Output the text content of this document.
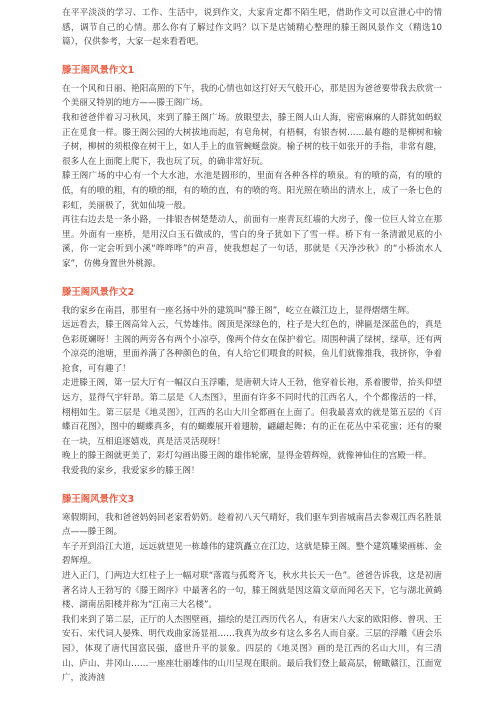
在平平淡淡的学习、工作、生活中，说到作文，大家肯定都不陌生吧，借助作文可以宣泄心中的情感，调节自己的心情。那么你有了解过作文吗？以下是店铺精心整理的滕王阁风景作文（精选10篇），仅供参考，大家一起来看看吧。

滕王阁风景作文1

在一个风和日丽、艳阳高照的下午，我的心情也如这打好天气般开心，那是因为爸爸要带我去欣赏一个美丽又特别的地方——滕王阁广场。

我和爸爸伴着习习秋风，来到了滕王阁广场。放眼望去，滕王阁人山人海，密密麻麻的人群犹如蚂蚁正在觅食一样。滕王阁公园的大树拔地而起，有皂角树，有梧桐，有银杏树……最有趣的是柳树和榆子树，柳树的须根像在树干上，如人手上的血管蜿蜒盘旋。榆子树的枝干如张开的手指，非常有趣，很多人在上面爬上爬下，我也玩了玩，的确非常好玩。

滕王阁广场的中心有一个大水池，水池是圆形的，里面有各种各样的喷泉。有的喷的高，有的喷的低，有的喷的粗，有的喷的细，有的喷的直，有的喷的弯。阳光照在喷出的清水上，成了一条七色的彩虹，美丽极了，犹如仙境一般。

再往右边去是一条小路，一排银杏树楚楚动人，前面有一座青瓦红墙的大房子，像一位巨人耸立在那里。外面有一座桥，是用汉白玉石做成的，雪白的身子犹如下了雪一样。桥下有一条清澈见底的小溪，你一定会听到小溪“哗哗哗”的声音，使我想起了一句话，那就是《天净沙秋》的“小桥流水人家”，仿佛身置世外桃源。

滕王阁风景作文2

我的家乡在南昌，那里有一座名扬中外的建筑叫“滕王阁”，屹立在赣江边上，显得熠熠生辉。

远远看去，滕王阁高耸入云，气势雄伟。阁顶是深绿色的，柱子是大红色的，牌匾是深蓝色的，真是色彩斑斓呀！主阁的两旁各有两个小凉亭，像两个侍女在保护着它。周围种满了绿树，绿草，还有两个凉亮的池塘，里面养满了各种颜色的鱼，有人给它们喂食的时候，鱼儿们就像推我，我挤你，争着抢食，可有趣了！

走进滕王阁，第一层大厅有一幅汉白玉浮雕，是唐朝大诗人王勃，他穿着长袍，系着腰带，抬头仰望远方，显得气宇轩昂。第二层是《人杰图》，里面有许多不同时代的江西名人，个个都像活的一样，栩栩如生。第三层是《地灵图》，江西的名山大川全都画在上面了。但我最喜欢的就是第五层的《百蝶百花图》，图中的蝴蝶真多，有的蝴蝶展开着翅膀，翩翩起舞；有的正在花丛中采花蜜；还有的聚在一块，互相追逐嬉戏，真是活灵活现呀！

晚上的滕王阁就更美了，彩灯勾画出滕王阁的雄伟轮廓，显得金碧辉煌，就像神仙住的宫殿一样。

我爱我的家乡，我爱家乡的滕王阁！

滕王阁风景作文3

寒假期间，我和爸爸妈妈回老家看奶奶。趁着初八天气晴好，我们驱车到省城南昌去参观江西名胜景点——滕王阁。

车子开到沿江大道，远远就望见一栋雄伟的建筑矗立在江边，这就是滕王阁。整个建筑雕梁画栋、金碧辉煌。

进入正门，门两边大红柱子上一幅对联“落霞与孤鹜齐飞，秋水共长天一色”。爸爸告诉我，这是初唐著名诗人王勃写的《滕王阁序》中最著名的一句，滕王阁就是因这篇文章而闻名天下，它与湖北黄鹤楼、湖南岳阳楼并称为“江南三大名楼”。

我们来到了第二层，正厅的人杰图壁画，描绘的是江西历代名人，有唐宋八大家的欧阳修、曾巩、王安石、宋代词人晏殊、明代戏曲家汤显祖……我真为故乡有这么多名人而自豪。三层的浮雕《唐会乐园》，体现了唐代国富民强，盛世升平的景象。四层的《地灵图》画的是江西的名山大川，有三清山、庐山、井冈山……一座座壮丽雄伟的山川呈现在眼前。最后我们登上最高层，俯瞰赣江，江面宽广，波涛汹
